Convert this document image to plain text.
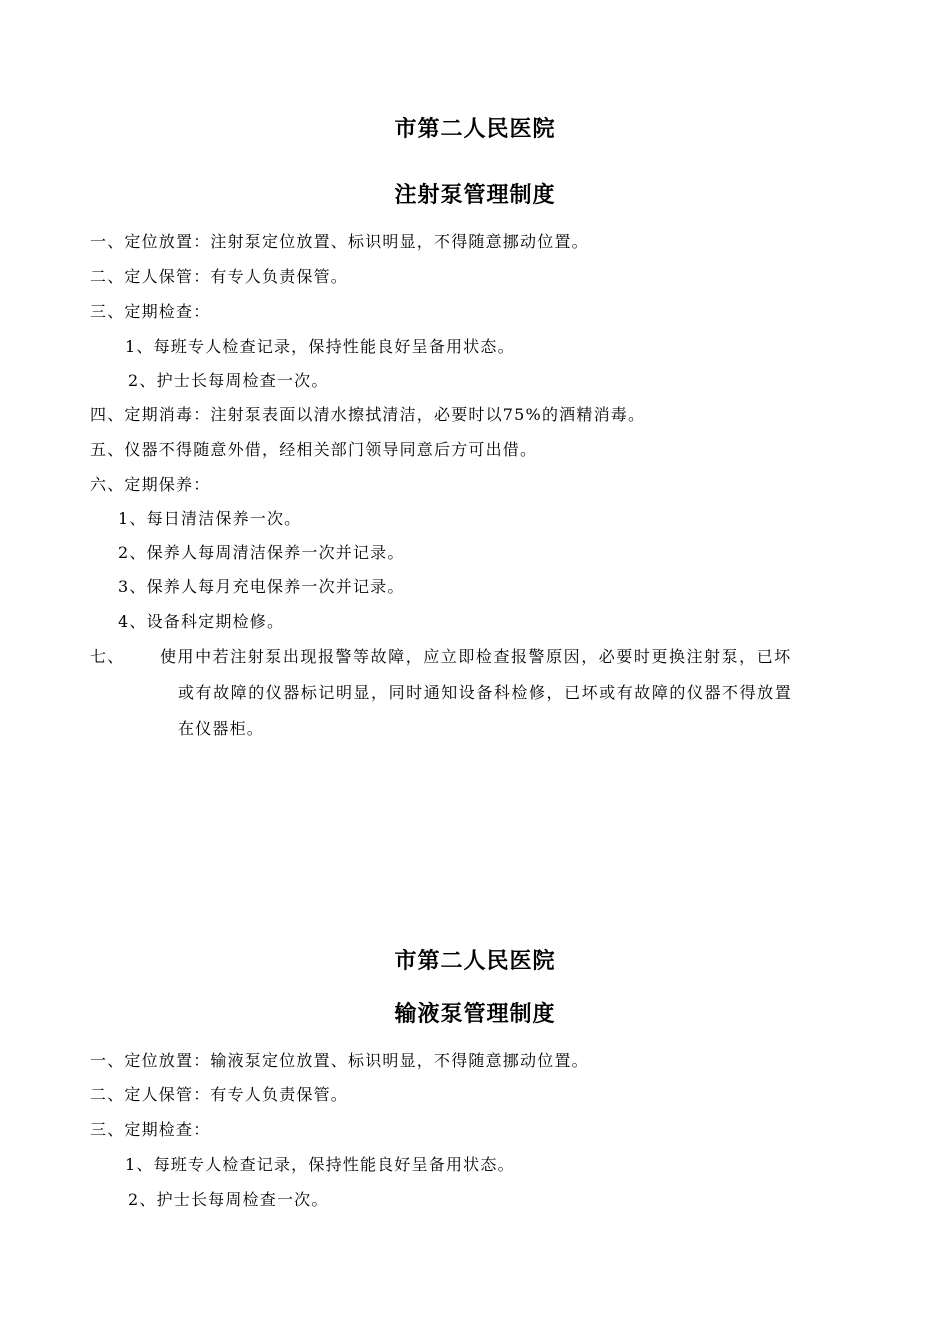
市第二人民医院
注射泵管理制度
一、定位放置：注射泵定位放置、标识明显，不得随意挪动位置。
二、定人保管：有专人负责保管。
三、定期检查：
1、每班专人检查记录，保持性能良好呈备用状态。
2、护士长每周检查一次。
四、定期消毒：注射泵表面以清水擦拭清洁，必要时以75%的酒精消毒。
五、仪器不得随意外借，经相关部门领导同意后方可出借。
六、定期保养：
1、每日清洁保养一次。
2、保养人每周清洁保养一次并记录。
3、保养人每月充电保养一次并记录。
4、设备科定期检修。
七、 使用中若注射泵出现报警等故障，应立即检查报警原因，必要时更换注射泵，已坏
或有故障的仪器标记明显，同时通知设备科检修，已坏或有故障的仪器不得放置
在仪器柜。
市第二人民医院
输液泵管理制度
一、定位放置：输液泵定位放置、标识明显，不得随意挪动位置。
二、定人保管：有专人负责保管。
三、定期检查：
1、每班专人检查记录，保持性能良好呈备用状态。
2、护士长每周检查一次。
